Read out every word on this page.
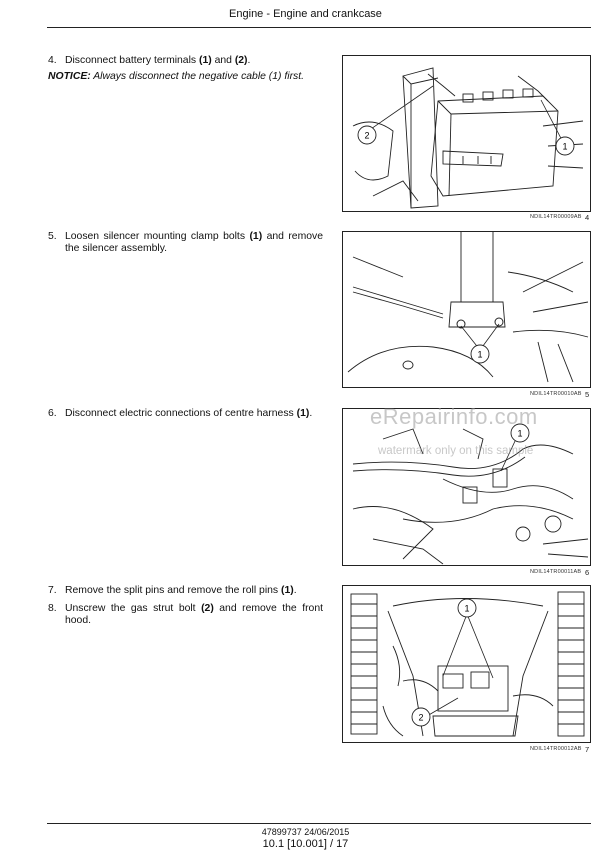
Engine - Engine and crankcase
4. Disconnect battery terminals (1) and (2).
NOTICE: Always disconnect the negative cable (1) first.
2
1
NDIL14TR00009AB 4
5. Loosen silencer mounting clamp bolts (1) and remove the silencer assembly.
1
NDIL14TR00010AB 5
6. Disconnect electric connections of centre harness (1).
1
eRepairinfo.com
watermark only on this sample
NDIL14TR00011AB 6
7. Remove the split pins and remove the roll pins (1).
8. Unscrew the gas strut bolt (2) and remove the front hood.
1
2
NDIL14TR00012AB 7
47899737 24/06/2015
10.1 [10.001] / 17
